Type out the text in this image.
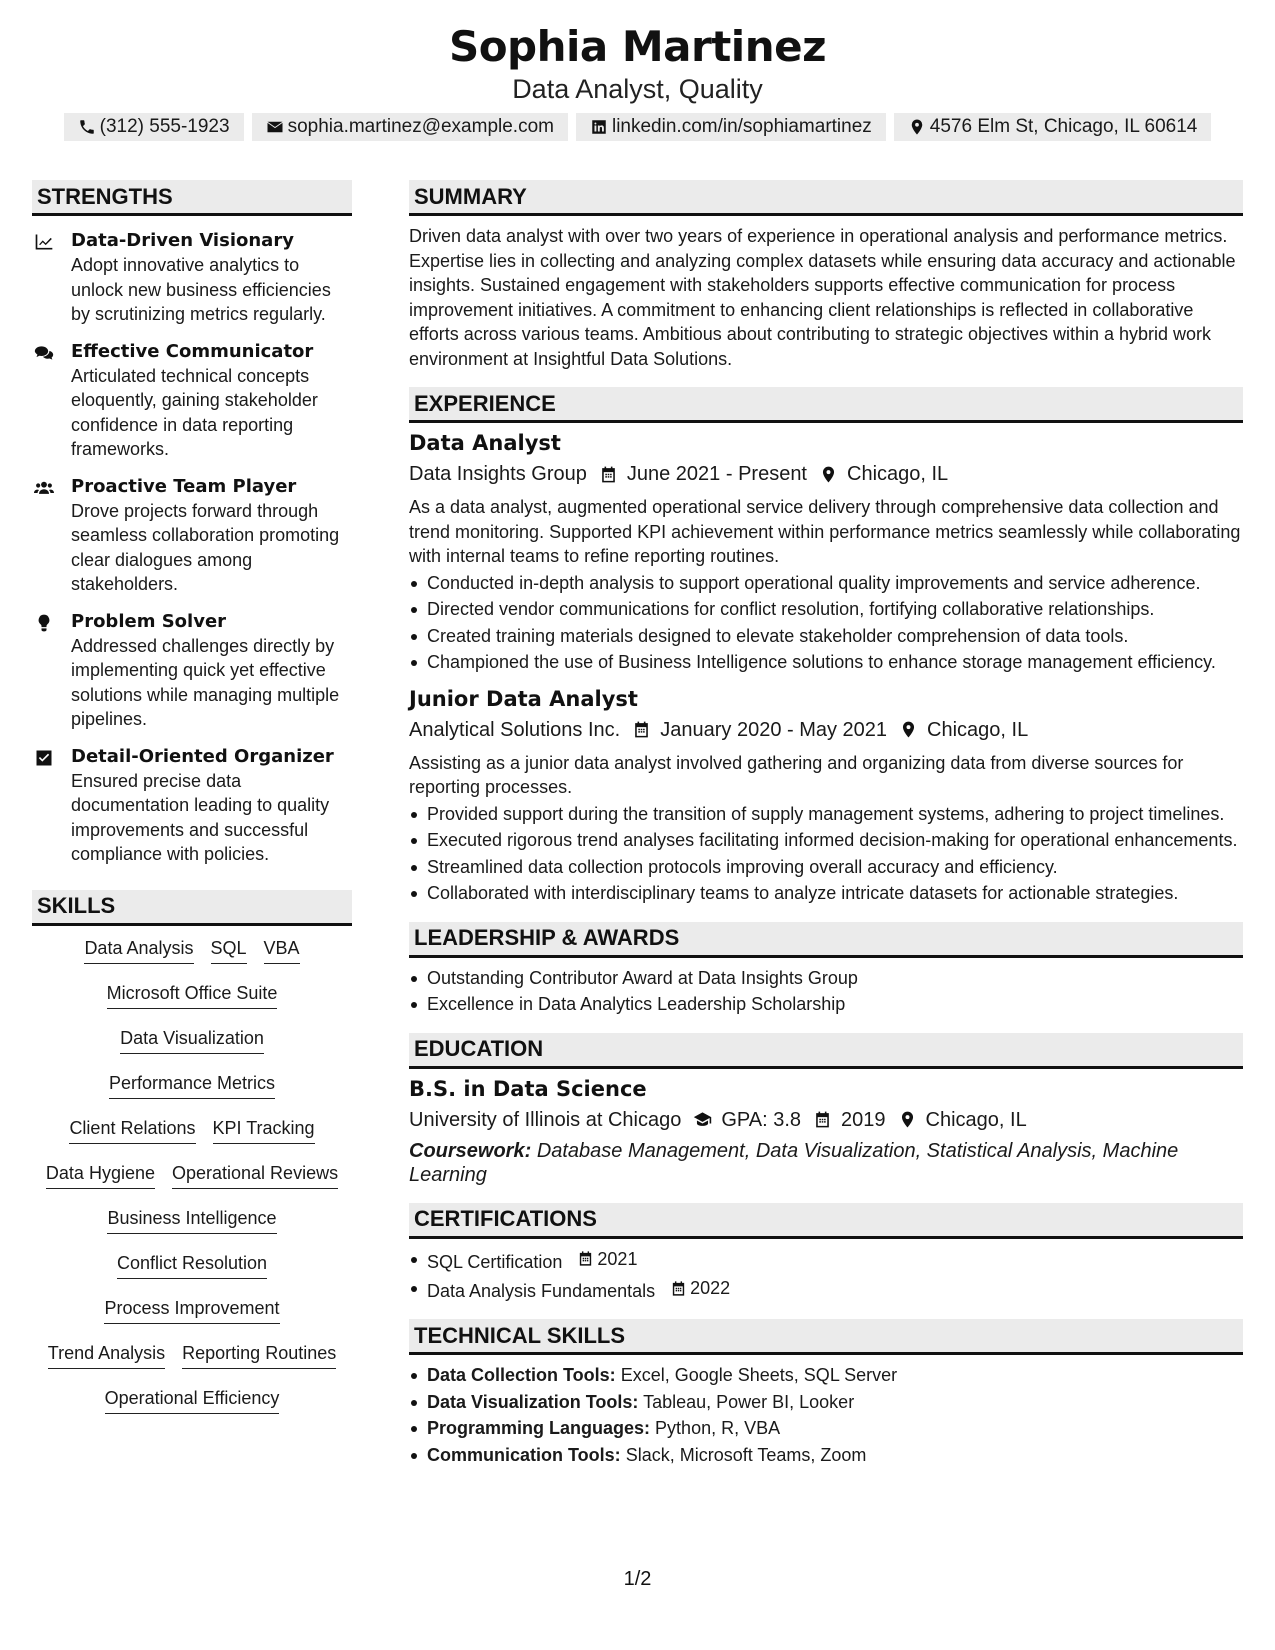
Sophia Martinez
Data Analyst, Quality
(312) 555-1923	sophia.martinez@example.com	linkedin.com/in/sophiamartinez	4576 Elm St, Chicago, IL 60614
STRENGTHS
Data-Driven Visionary
Adopt innovative analytics to unlock new business efficiencies by scrutinizing metrics regularly.
Effective Communicator
Articulated technical concepts eloquently, gaining stakeholder confidence in data reporting frameworks.
Proactive Team Player
Drove projects forward through seamless collaboration promoting clear dialogues among stakeholders.
Problem Solver
Addressed challenges directly by implementing quick yet effective solutions while managing multiple pipelines.
Detail-Oriented Organizer
Ensured precise data documentation leading to quality improvements and successful compliance with policies.
SKILLS
Data Analysis SQL VBA
Microsoft Office Suite
Data Visualization
Performance Metrics
Client Relations KPI Tracking
Data Hygiene Operational Reviews
Business Intelligence
Conflict Resolution
Process Improvement
Trend Analysis Reporting Routines
Operational Efficiency
SUMMARY
Driven data analyst with over two years of experience in operational analysis and performance metrics. Expertise lies in collecting and analyzing complex datasets while ensuring data accuracy and actionable insights. Sustained engagement with stakeholders supports effective communication for process improvement initiatives. A commitment to enhancing client relationships is reflected in collaborative efforts across various teams. Ambitious about contributing to strategic objectives within a hybrid work environment at Insightful Data Solutions.
EXPERIENCE
Data Analyst
Data Insights Group June 2021 - Present Chicago, IL
As a data analyst, augmented operational service delivery through comprehensive data collection and trend monitoring. Supported KPI achievement within performance metrics seamlessly while collaborating with internal teams to refine reporting routines.
Conducted in-depth analysis to support operational quality improvements and service adherence.
Directed vendor communications for conflict resolution, fortifying collaborative relationships.
Created training materials designed to elevate stakeholder comprehension of data tools.
Championed the use of Business Intelligence solutions to enhance storage management efficiency.
Junior Data Analyst
Analytical Solutions Inc. January 2020 - May 2021 Chicago, IL
Assisting as a junior data analyst involved gathering and organizing data from diverse sources for reporting processes.
Provided support during the transition of supply management systems, adhering to project timelines.
Executed rigorous trend analyses facilitating informed decision-making for operational enhancements.
Streamlined data collection protocols improving overall accuracy and efficiency.
Collaborated with interdisciplinary teams to analyze intricate datasets for actionable strategies.
LEADERSHIP & AWARDS
Outstanding Contributor Award at Data Insights Group
Excellence in Data Analytics Leadership Scholarship
EDUCATION
B.S. in Data Science
University of Illinois at Chicago GPA: 3.8 2019 Chicago, IL
Coursework: Database Management, Data Visualization, Statistical Analysis, Machine Learning
CERTIFICATIONS
SQL Certification 2021
Data Analysis Fundamentals 2022
TECHNICAL SKILLS
Data Collection Tools: Excel, Google Sheets, SQL Server
Data Visualization Tools: Tableau, Power BI, Looker
Programming Languages: Python, R, VBA
Communication Tools: Slack, Microsoft Teams, Zoom
1/2
